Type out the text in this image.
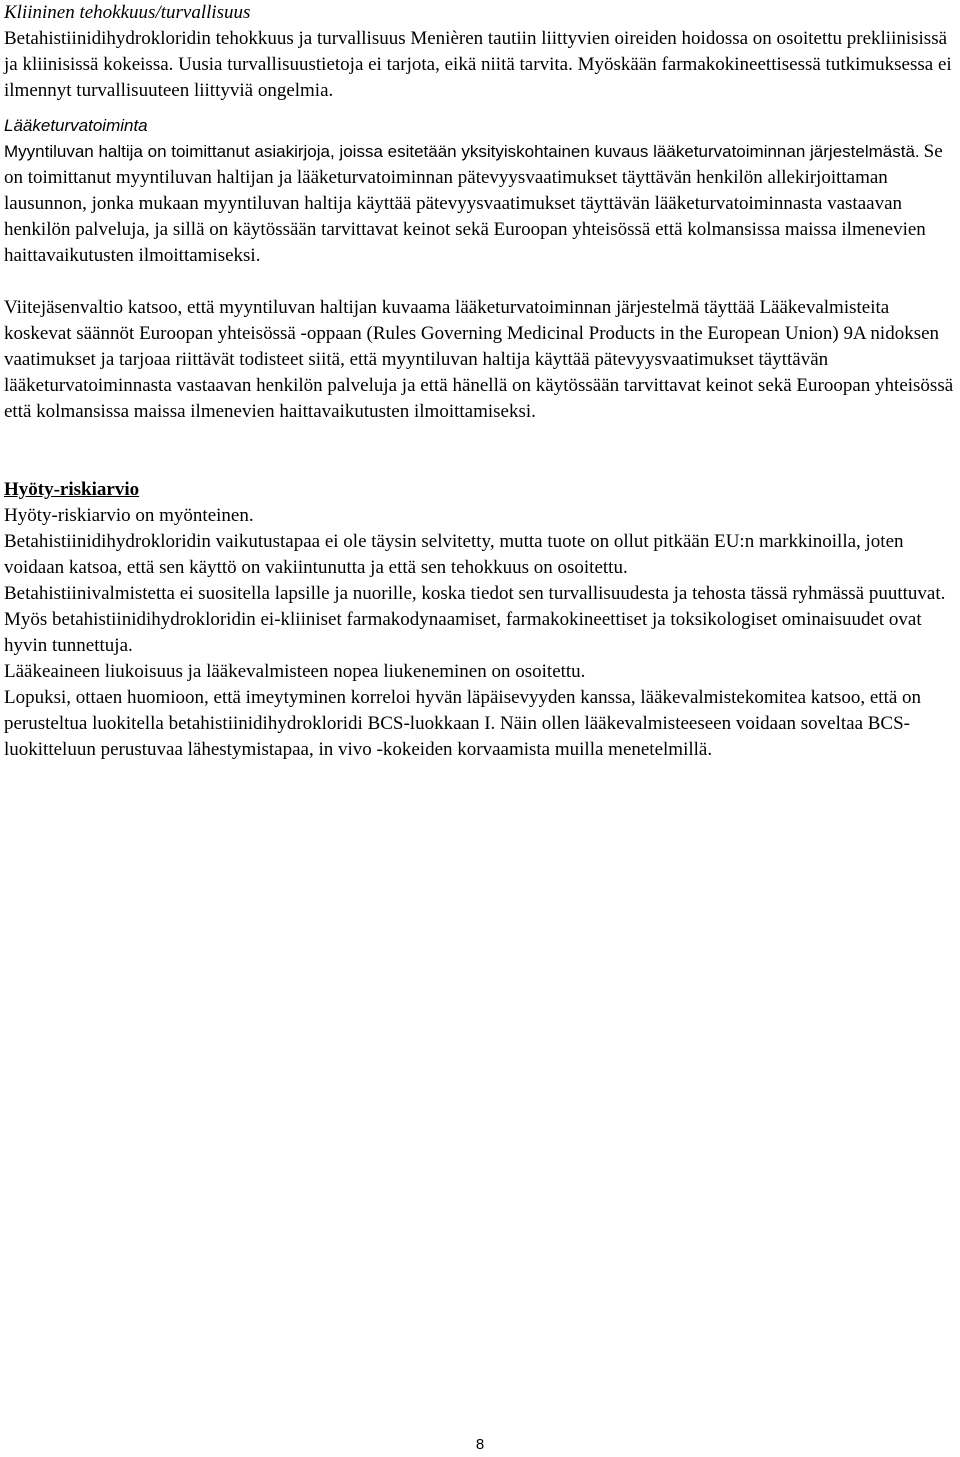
Kliininen tehokkuus/turvallisuus

Betahistiinidihydrokloridin tehokkuus ja turvallisuus Menièren tautiin liittyvien oireiden hoidossa on osoitettu prekliinisissä ja kliinisissä kokeissa. Uusia turvallisuustietoja ei tarjota, eikä niitä tarvita. Myöskään farmakokineettisessä tutkimuksessa ei ilmennyt turvallisuuteen liittyviä ongelmia.

Lääketurvatoiminta

Myyntiluvan haltija on toimittanut asiakirjoja, joissa esitetään yksityiskohtainen kuvaus lääketurvatoiminnan järjestelmästä. Se on toimittanut myyntiluvan haltijan ja lääketurvatoiminnan pätevyysvaatimukset täyttävän henkilön allekirjoittaman lausunnon, jonka mukaan myyntiluvan haltija käyttää pätevyysvaatimukset täyttävän lääketurvatoiminnasta vastaavan henkilön palveluja, ja sillä on käytössään tarvittavat keinot sekä Euroopan yhteisössä että kolmansissa maissa ilmenevien haittavaikutusten ilmoittamiseksi.

Viitejäsenvaltio katsoo, että myyntiluvan haltijan kuvaama lääketurvatoiminnan järjestelmä täyttää Lääkevalmisteita koskevat säännöt Euroopan yhteisössä -oppaan (Rules Governing Medicinal Products in the European Union) 9A nidoksen vaatimukset ja tarjoaa riittävät todisteet siitä, että myyntiluvan haltija käyttää pätevyysvaatimukset täyttävän lääketurvatoiminnasta vastaavan henkilön palveluja ja että hänellä on käytössään tarvittavat keinot sekä Euroopan yhteisössä että kolmansissa maissa ilmenevien haittavaikutusten ilmoittamiseksi.

Hyöty-riskiarvio

Hyöty-riskiarvio on myönteinen.

Betahistiinidihydrokloridin vaikutustapaa ei ole täysin selvitetty, mutta tuote on ollut pitkään EU:n markkinoilla, joten voidaan katsoa, että sen käyttö on vakiintunutta ja että sen tehokkuus on osoitettu.

Betahistiinivalmistetta ei suositella lapsille ja nuorille, koska tiedot sen turvallisuudesta ja tehosta tässä ryhmässä puuttuvat. Myös betahistiinidihydrokloridin ei-kliiniset farmakodynaamiset, farmakokineettiset ja toksikologiset ominaisuudet ovat hyvin tunnettuja.

Lääkeaineen liukoisuus ja lääkevalmisteen nopea liukeneminen on osoitettu.

Lopuksi, ottaen huomioon, että imeytyminen korreloi hyvän läpäisevyyden kanssa, lääkevalmistekomitea katsoo, että on perusteltua luokitella betahistiinidihydrokloridi BCS-luokkaan I. Näin ollen lääkevalmisteeseen voidaan soveltaa BCS-luokitteluun perustuvaa lähestymistapaa, in vivo -kokeiden korvaamista muilla menetelmillä.

8
